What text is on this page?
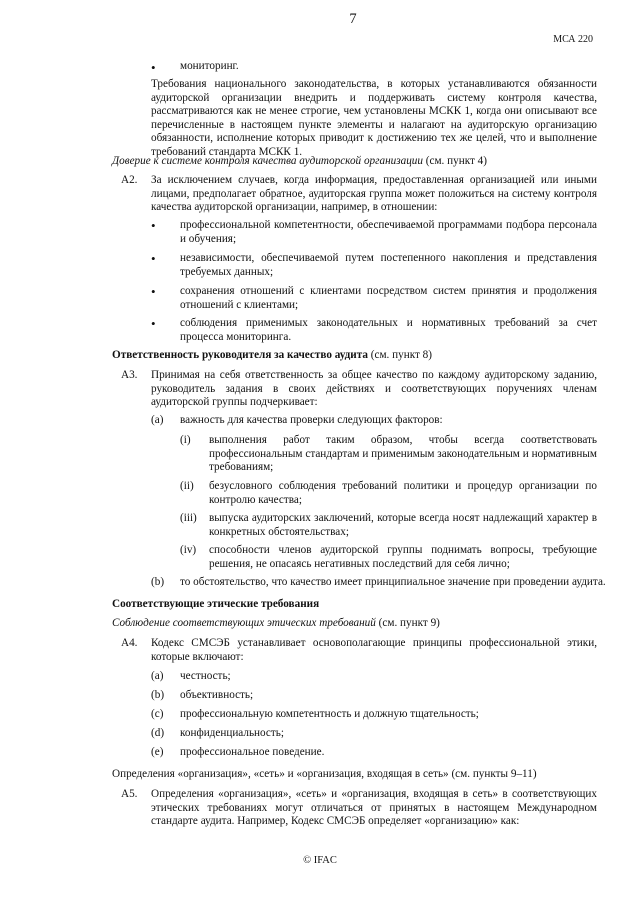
7
МСА 220
• мониторинг.
Требования национального законодательства, в которых устанавливаются обязанности аудиторской организации внедрить и поддерживать систему контроля качества, рассматриваются как не менее строгие, чем установлены МСКК 1, когда они описывают все перечисленные в настоящем пункте элементы и налагают на аудиторскую организацию обязанности, исполнение которых приводит к достижению тех же целей, что и выполнение требований стандарта МСКК 1.
Доверие к системе контроля качества аудиторской организации (см. пункт 4)
A2. За исключением случаев, когда информация, предоставленная организацией или иными лицами, предполагает обратное, аудиторская группа может положиться на систему контроля качества аудиторской организации, например, в отношении:
• профессиональной компетентности, обеспечиваемой программами подбора персонала и обучения;
• независимости, обеспечиваемой путем постепенного накопления и представления требуемых данных;
• сохранения отношений с клиентами посредством систем принятия и продолжения отношений с клиентами;
• соблюдения применимых законодательных и нормативных требований за счет процесса мониторинга.
Ответственность руководителя за качество аудита (см. пункт 8)
A3. Принимая на себя ответственность за общее качество по каждому аудиторскому заданию, руководитель задания в своих действиях и соответствующих поручениях членам аудиторской группы подчеркивает:
(a) важность для качества проверки следующих факторов:
(i) выполнения работ таким образом, чтобы всегда соответствовать профессиональным стандартам и применимым законодательным и нормативным требованиям;
(ii) безусловного соблюдения требований политики и процедур организации по контролю качества;
(iii) выпуска аудиторских заключений, которые всегда носят надлежащий характер в конкретных обстоятельствах;
(iv) способности членов аудиторской группы поднимать вопросы, требующие решения, не опасаясь негативных последствий для себя лично;
(b) то обстоятельство, что качество имеет принципиальное значение при проведении аудита.
Соответствующие этические требования
Соблюдение соответствующих этических требований (см. пункт 9)
A4. Кодекс СМСЭБ устанавливает основополагающие принципы профессиональной этики, которые включают:
(a) честность;
(b) объективность;
(c) профессиональную компетентность и должную тщательность;
(d) конфиденциальность;
(e) профессиональное поведение.
Определения «организация», «сеть» и «организация, входящая в сеть» (см. пункты 9–11)
A5. Определения «организация», «сеть» и «организация, входящая в сеть» в соответствующих этических требованиях могут отличаться от принятых в настоящем Международном стандарте аудита. Например, Кодекс СМСЭБ определяет «организацию» как:
© IFAC
